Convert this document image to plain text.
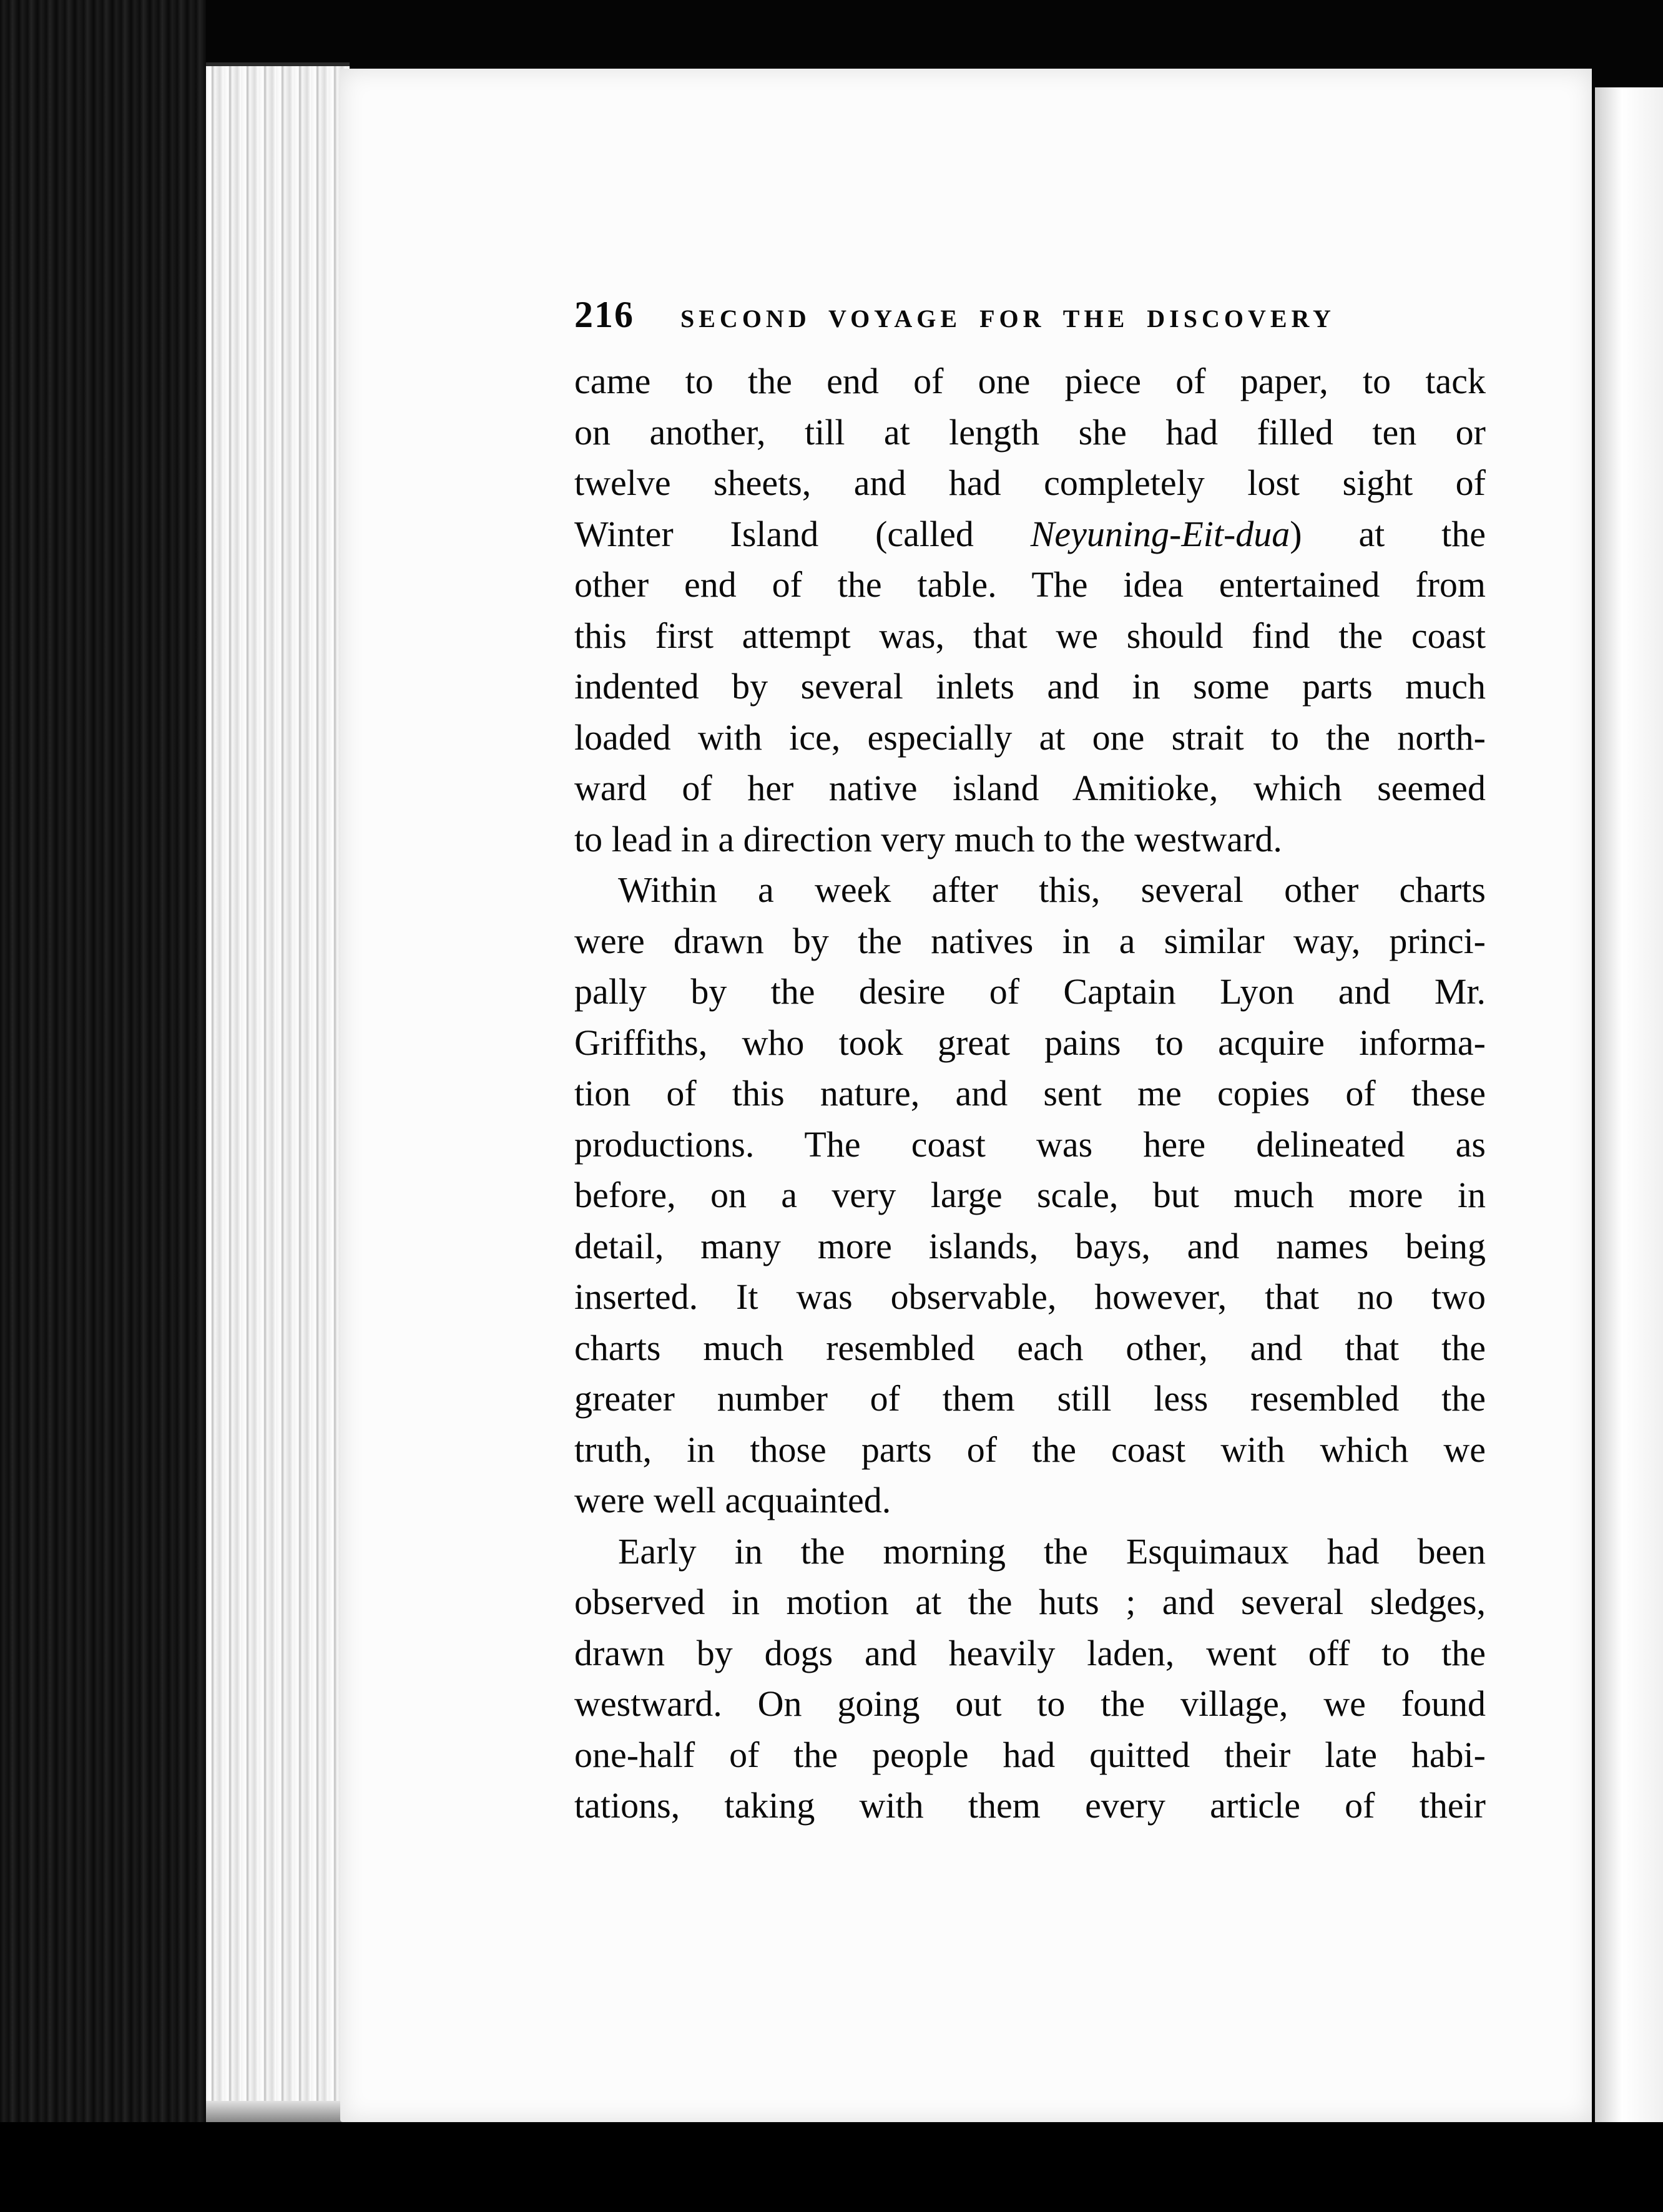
216	SECOND VOYAGE FOR THE DISCOVERY
came to the end of one piece of paper, to tack
on another, till at length she had filled ten or
twelve sheets, and had completely lost sight of
Winter Island (called Neyuning-Eit-dua) at the
other end of the table. The idea entertained from
this first attempt was, that we should find the coast
indented by several inlets and in some parts much
loaded with ice, especially at one strait to the north-
ward of her native island Amitioke, which seemed
to lead in a direction very much to the westward.
Within a week after this, several other charts
were drawn by the natives in a similar way, princi-
pally by the desire of Captain Lyon and Mr.
Griffiths, who took great pains to acquire informa-
tion of this nature, and sent me copies of these
productions. The coast was here delineated as
before, on a very large scale, but much more in
detail, many more islands, bays, and names being
inserted. It was observable, however, that no two
charts much resembled each other, and that the
greater number of them still less resembled the
truth, in those parts of the coast with which we
were well acquainted.
Early in the morning the Esquimaux had been
observed in motion at the huts ; and several sledges,
drawn by dogs and heavily laden, went off to the
westward. On going out to the village, we found
one-half of the people had quitted their late habi-
tations, taking with them every article of their
